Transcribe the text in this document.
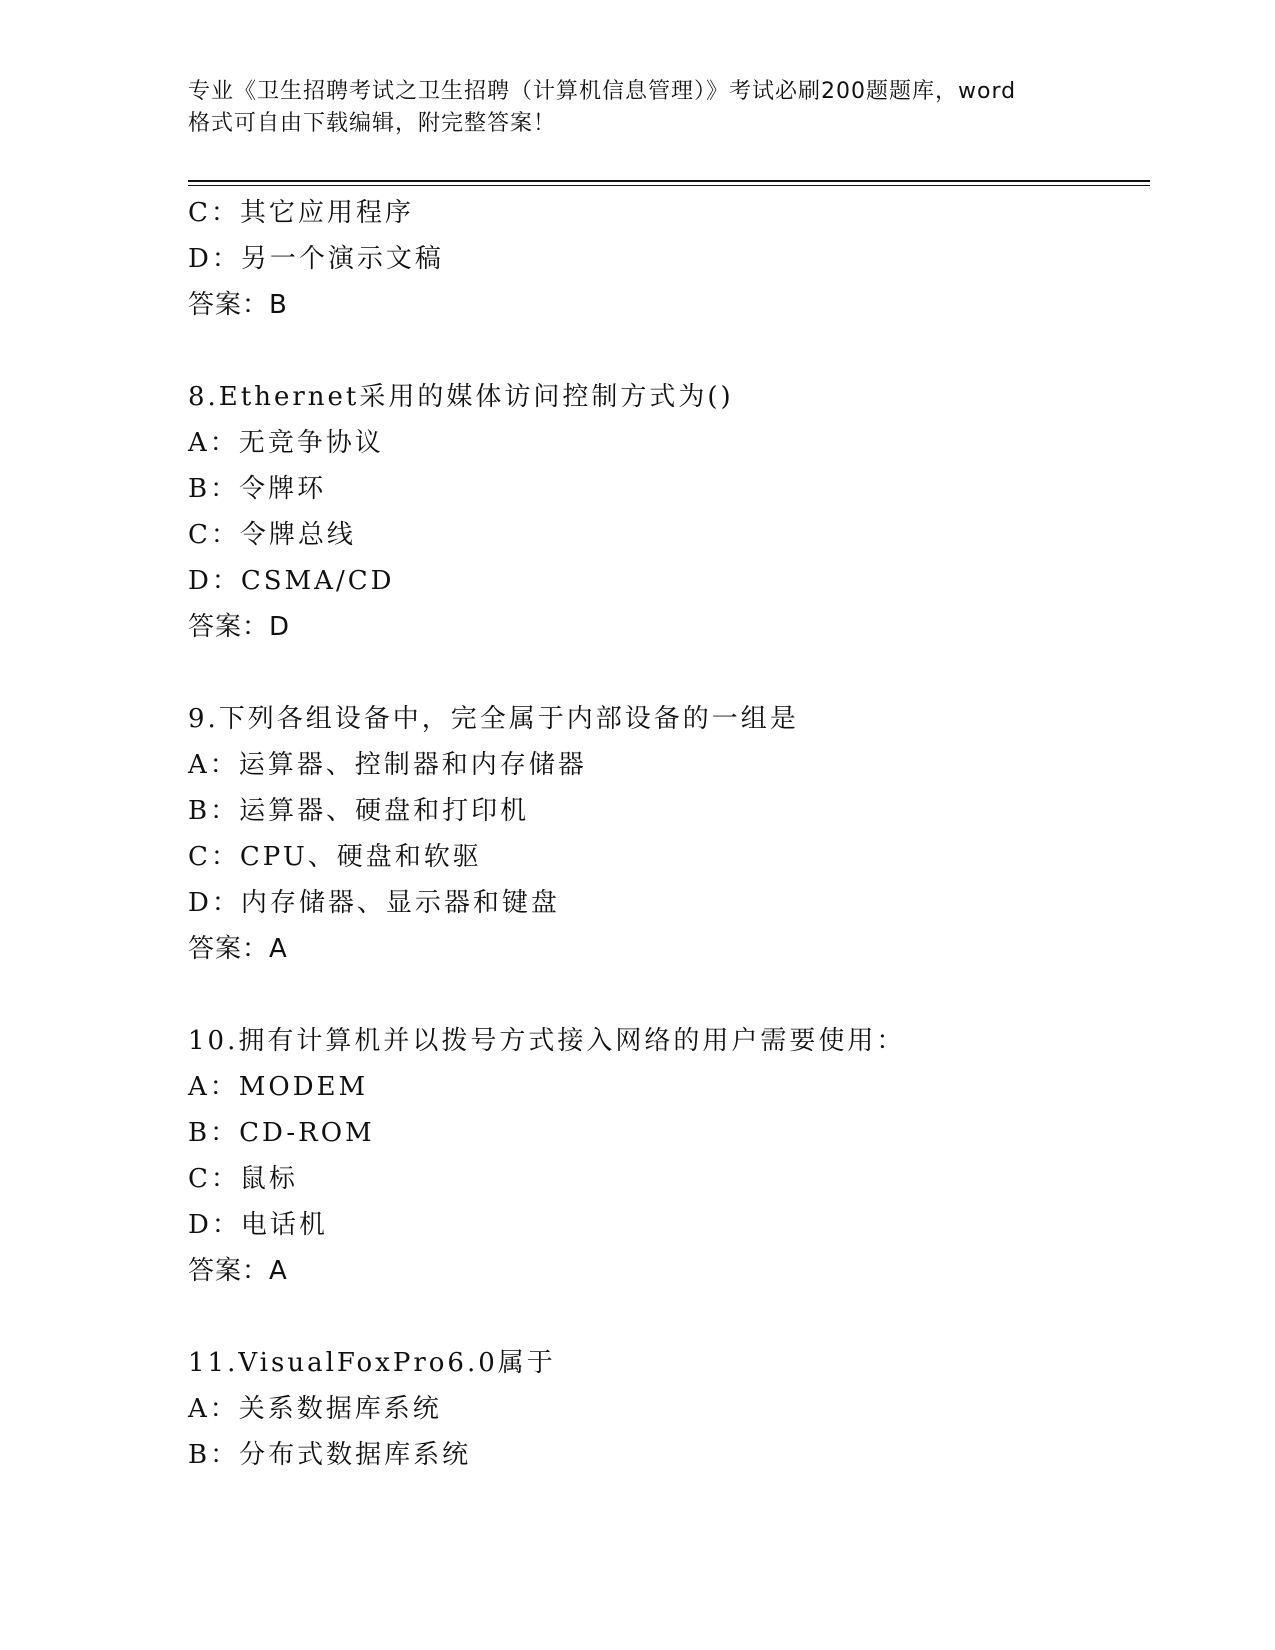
专业《卫生招聘考试之卫生招聘（计算机信息管理）》考试必刷200题题库，word
格式可自由下载编辑，附完整答案！
C：其它应用程序
D：另一个演示文稿
答案：B
8.Ethernet采用的媒体访问控制方式为()
A：无竞争协议
B：令牌环
C：令牌总线
D：CSMA/CD
答案：D
9.下列各组设备中，完全属于内部设备的一组是
A：运算器、控制器和内存储器
B：运算器、硬盘和打印机
C：CPU、硬盘和软驱
D：内存储器、显示器和键盘
答案：A
10.拥有计算机并以拨号方式接入网络的用户需要使用：
A：MODEM
B：CD-ROM
C：鼠标
D：电话机
答案：A
11.VisualFoxPro6.0属于
A：关系数据库系统
B：分布式数据库系统
